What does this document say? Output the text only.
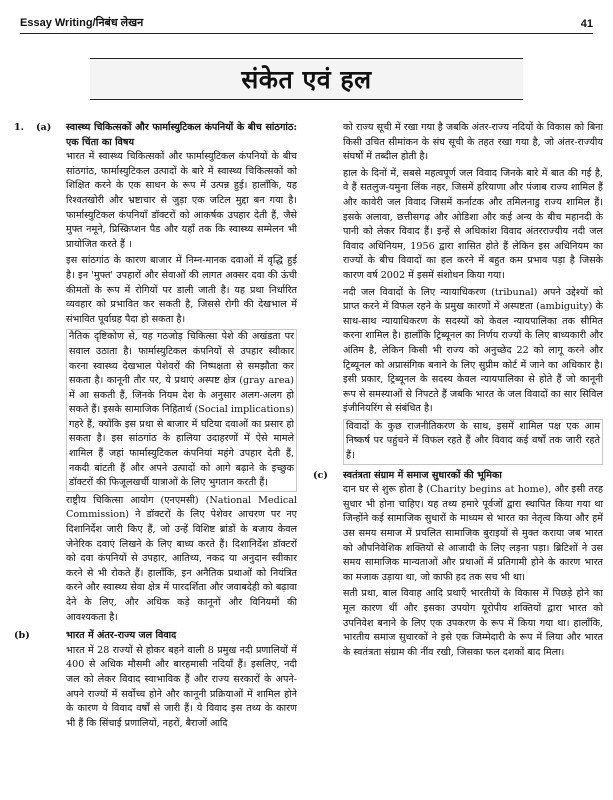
Essay Writing/निबंध लेखन	41
संकेत एवं हल
1.	(a)	स्वास्थ्य चिकित्सकों और फार्मास्युटिकल कंपनियों के बीच सांठगांठ: एक चिंता का विषय

भारत में स्वास्थ्य चिकित्सकों और फार्मास्युटिकल कंपनियों के बीच सांठगांठ, फार्मास्युटिकल उत्पादों के बारे में स्वास्थ्य चिकित्सकों को शिक्षित करने के एक साधन के रूप में उत्पन्न हुई। हालाँकि, यह रिश्वतखोरी और भ्रष्टाचार से जुड़ा एक जटिल मुद्दा बन गया है। फार्मास्युटिकल कंपनियाँ डॉक्टरों को आकर्षक उपहार देती हैं, जैसे मुफ्त नमूने, प्रिस्क्रिप्शन पैड और यहाँ तक कि स्वास्थ्य सम्मेलन भी प्रायोजित करते हैं ।

इस सांठगांठ के कारण बाजार में निम्न-मानक दवाओं में वृद्धि हुई है। इन 'मुफ्त' उपहारों और सेवाओं की लागत अक्सर दवा की ऊंची कीमतों के रूप में रोगियों पर डाली जाती है। यह प्रथा निर्धारित व्यवहार को प्रभावित कर सकती है, जिससे रोगी की देखभाल में संभावित पूर्वाग्रह पैदा हो सकता है।

नैतिक दृष्टिकोण से, यह गठजोड़ चिकित्सा पेशे की अखंडता पर सवाल उठाता है। फार्मास्युटिकल कंपनियों से उपहार स्वीकार करना स्वास्थ्य देखभाल पेशेवरों की निष्पक्षता से समझौता कर सकता है। कानूनी तौर पर, ये प्रथाएं अस्पष्ट क्षेत्र (gray area) में आ सकती हैं, जिनके नियम देश के अनुसार अलग-अलग हो सकते हैं। इसके सामाजिक निहितार्थ (Social implications) गहरे हैं, क्योंकि इस प्रथा से बाजार में घटिया दवाओं का प्रसार हो सकता है। इस सांठगांठ के हालिया उदाहरणों में ऐसे मामले शामिल हैं जहां फार्मास्युटिकल कंपनियां महंगे उपहार देती हैं, नकदी बांटती हैं और अपने उत्पादों को आगे बढ़ाने के इच्छुक डॉक्टरों की फिजूलखर्ची यात्राओं के लिए भुगतान करती हैं।

राष्ट्रीय चिकित्सा आयोग (एनएमसी) (National Medical Commission) ने डॉक्टरों के लिए पेशेवर आचरण पर नए दिशानिर्देश जारी किए हैं, जो उन्हें विशिष्ट ब्रांडों के बजाय केवल जेनेरिक दवाएं लिखने के लिए बाध्य करते हैं। दिशानिर्देश डॉक्टरों को दवा कंपनियों से उपहार, आतिथ्य, नकद या अनुदान स्वीकार करने से भी रोकते हैं। हालाँकि, इन अनैतिक प्रथाओं को नियंत्रित करने और स्वास्थ्य सेवा क्षेत्र में पारदर्शिता और जवाबदेही को बढ़ावा देने के लिए, और अधिक कड़े कानूनों और विनियमों की आवश्यकता है।

(b)	भारत में अंतर-राज्य जल विवाद

भारत में 28 राज्यों से होकर बहने वाली 8 प्रमुख नदी प्रणालियों में 400 से अधिक मौसमी और बारहमासी नदियाँ हैं। इसलिए, नदी जल को लेकर विवाद स्वाभाविक हैं और राज्य सरकारों के अपने-अपने राज्यों में सर्वोच्च होने और कानूनी प्रक्रियाओं में शामिल होने के कारण ये विवाद वर्षों से जारी हैं। ये विवाद इस तथ्य के कारण भी हैं कि सिंचाई प्रणालियों, नहरों, बैराजों आदि

को राज्य सूची में रखा गया है जबकि अंतर-राज्य नदियों के विकास को बिना किसी उचित सीमांकन के संघ सूची के तहत रखा गया है, जो अंतर-राज्यीय संघर्षों में तब्दील होती है।

हाल के दिनों में, सबसे महत्वपूर्ण जल विवाद जिनके बारे में बात की गई है, वे हैं सतलुज-यमुना लिंक नहर, जिसमें हरियाणा और पंजाब राज्य शामिल हैं और कावेरी जल विवाद जिसमें कर्नाटक और तमिलनाडु राज्य शामिल हैं। इसके अलावा, छत्तीसगढ़ और ओडिशा और कई अन्य के बीच महानदी के पानी को लेकर विवाद हैं। इन्हें से अधिकांश विवाद अंतरराज्यीय नदी जल विवाद अधिनियम, 1956 द्वारा शासित होते हैं लेकिन इस अधिनियम का राज्यों के बीच विवादों का हल करने में बहुत कम प्रभाव पड़ा है जिसके कारण वर्ष 2002 में इसमें संशोधन किया गया।

नदी जल विवादों के लिए न्यायाधिकरण (tribunal) अपने उद्देश्यों को प्राप्त करने में विफल रहने के प्रमुख कारणों में अस्पष्टता (ambiguity) के साथ-साथ न्यायाधिकरण के सदस्यों को केवल न्यायपालिका तक सीमित करना शामिल है। हालाँकि ट्रिब्यूनल का निर्णय राज्यों के लिए बाध्यकारी और अंतिम है, लेकिन किसी भी राज्य को अनुच्छेद 22 को लागू करने और ट्रिब्यूनल को अप्रासंगिक बनाने के लिए सुप्रीम कोर्ट में जाने का अधिकार है। इसी प्रकार, ट्रिब्यूनल के सदस्य केवल न्यायपालिका से होते हैं जो कानूनी रूप से समस्याओं से निपटते हैं जबकि भारत के जल विवादों का सार सिविल इंजीनियरिंग से संबंधित है।

विवादों के कुछ राजनीतिकरण के साथ, इसमें शामिल पक्ष एक आम निष्कर्ष पर पहुंचने में विफल रहते हैं और विवाद कई वर्षों तक जारी रहते हैं।

(c)	स्वतंत्रता संग्राम में समाज सुधारकों की भूमिका

दान घर से शुरू होता है (Charity begins at home), और इसी तरह सुधार भी होना चाहिए। यह तथ्य हमारे पूर्वजों द्वारा स्थापित किया गया था जिन्होंने कई सामाजिक सुधारों के माध्यम से भारत का नेतृत्व किया और हमें उस समय समाज में प्रचलित सामाजिक बुराइयों से मुक्त कराया जब भारत को औपनिवेशिक शक्तियों से आजादी के लिए लड़ना पड़ा। ब्रिटिशों ने उस समय सामाजिक मान्यताओं और प्रथाओं में प्रतिगामी होने के कारण भारत का मजाक उड़ाया था, जो काफी हद तक सच भी था।

सती प्रथा, बाल विवाह आदि प्रथाएँ भारतीयों के विकास में पिछड़े होने का मूल कारण थीं और इसका उपयोग यूरोपीय शक्तियों द्वारा भारत को उपनिवेश बनाने के लिए एक उपकरण के रूप में किया गया था। हालाँकि, भारतीय समाज सुधारकों ने इसे एक जिम्मेदारी के रूप में लिया और भारत के स्वतंत्रता संग्राम की नींव रखी, जिसका फल दशकों बाद मिला।
